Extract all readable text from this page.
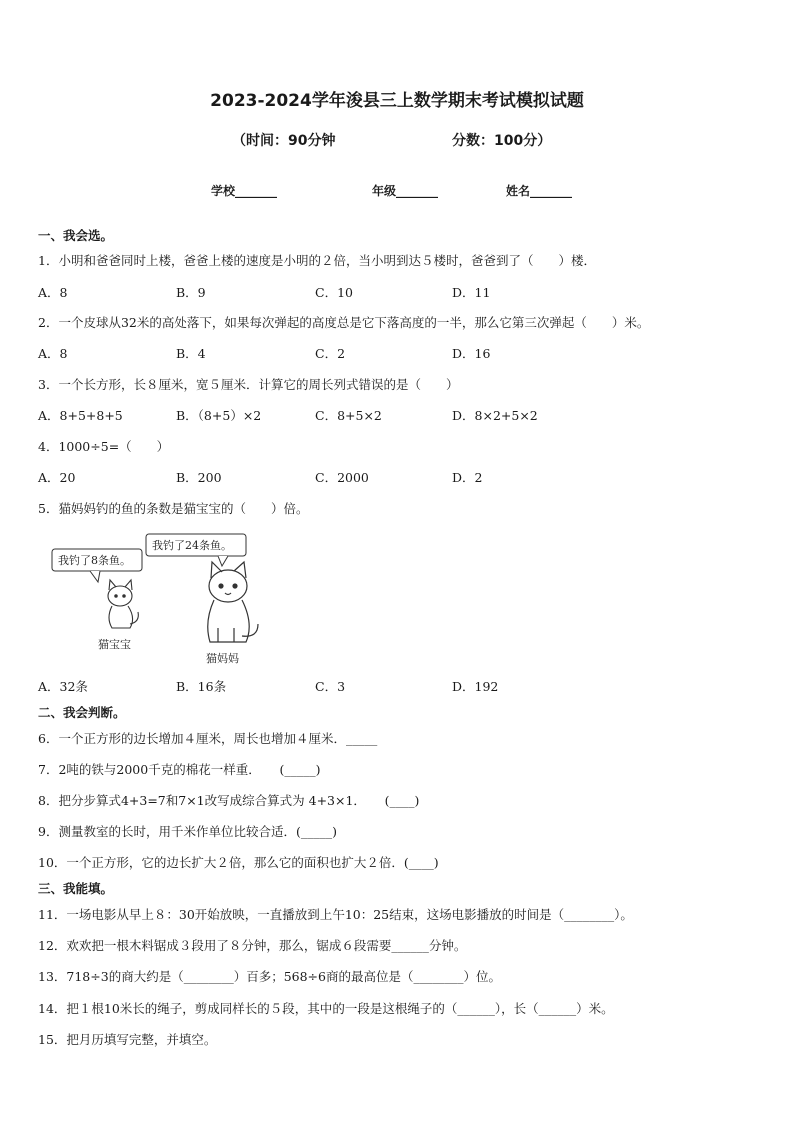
2023-2024学年浚县三上数学期末考试模拟试题
（时间：90分钟	分数：100分）
学校_______	年级_______	姓名_______
一、我会选。
1．小明和爸爸同时上楼，爸爸上楼的速度是小明的２倍，当小明到达５楼时，爸爸到了（　　）楼．
A．8	B．9	C．10	D．11
2．一个皮球从32米的高处落下，如果每次弹起的高度总是它下落高度的一半，那么它第三次弹起（　　）米。
A．8	B．4	C．2	D．16
3．一个长方形，长８厘米，宽５厘米．计算它的周长列式错误的是（　　）
A．8+5+8+5	B．（8+5）×2	C．8+5×2	D．8×2+5×2
4．1000÷5=（　　）
A．20	B．200	C．2000	D．2
5．猫妈妈钓的鱼的条数是猫宝宝的（　　）倍。
我钓了8条鱼。
我钓了24条鱼。
猫宝宝
猫妈妈
A．32条	B．16条	C．3	D．192
二、我会判断。
6．一个正方形的边长增加４厘米，周长也增加４厘米．_____
7．2吨的铁与2000千克的棉花一样重．　　(_____)
8．把分步算式4+3=7和7×1改写成综合算式为 4+3×1．　　(____)
9．测量教室的长时，用千米作单位比较合适．(_____)
10．一个正方形，它的边长扩大２倍，那么它的面积也扩大２倍．(____)
三、我能填。
11．一场电影从早上８：30开始放映，一直播放到上午10：25结束，这场电影播放的时间是（________）。
12．欢欢把一根木料锯成３段用了８分钟，那么，锯成６段需要______分钟。
13．718÷3的商大约是（________）百多；568÷6商的最高位是（________）位。
14．把１根10米长的绳子，剪成同样长的５段，其中的一段是这根绳子的（______），长（______）米。
15．把月历填写完整，并填空。
